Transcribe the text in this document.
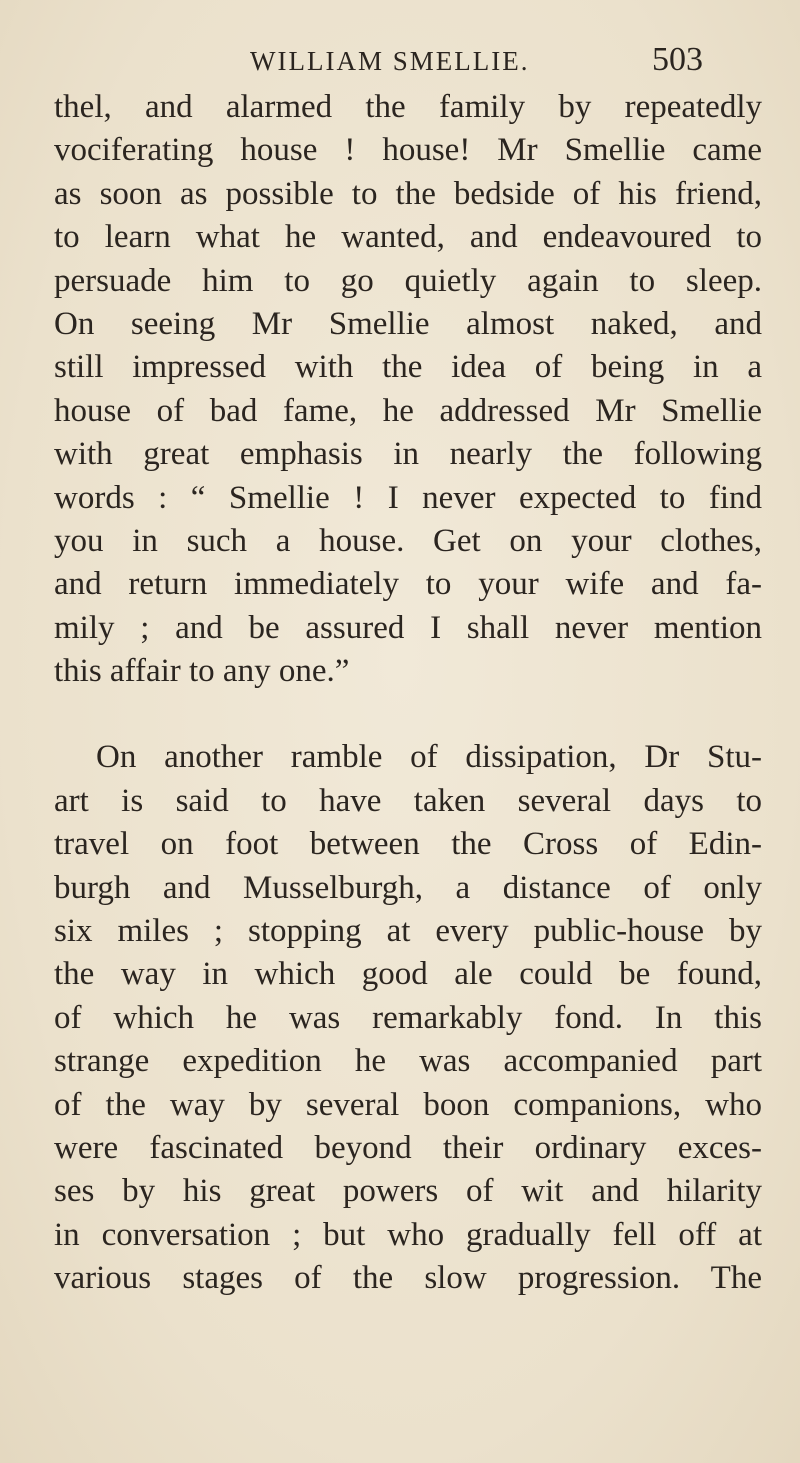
WILLIAM SMELLIE.	503
thel, and alarmed the family by repeatedly
vociferating house ! house! Mr Smellie came
as soon as possible to the bedside of his friend,
to learn what he wanted, and endeavoured to
persuade him to go quietly again to sleep.
On seeing Mr Smellie almost naked, and
still impressed with the idea of being in a
house of bad fame, he addressed Mr Smellie
with great emphasis in nearly the following
words : “ Smellie ! I never expected to find
you in such a house. Get on your clothes,
and return immediately to your wife and fa-
mily ; and be assured I shall never mention
this affair to any one.”
On another ramble of dissipation, Dr Stu-
art is said to have taken several days to
travel on foot between the Cross of Edin-
burgh and Musselburgh, a distance of only
six miles ; stopping at every public-house by
the way in which good ale could be found,
of which he was remarkably fond. In this
strange expedition he was accompanied part
of the way by several boon companions, who
were fascinated beyond their ordinary exces-
ses by his great powers of wit and hilarity
in conversation ; but who gradually fell off at
various stages of the slow progression. The
